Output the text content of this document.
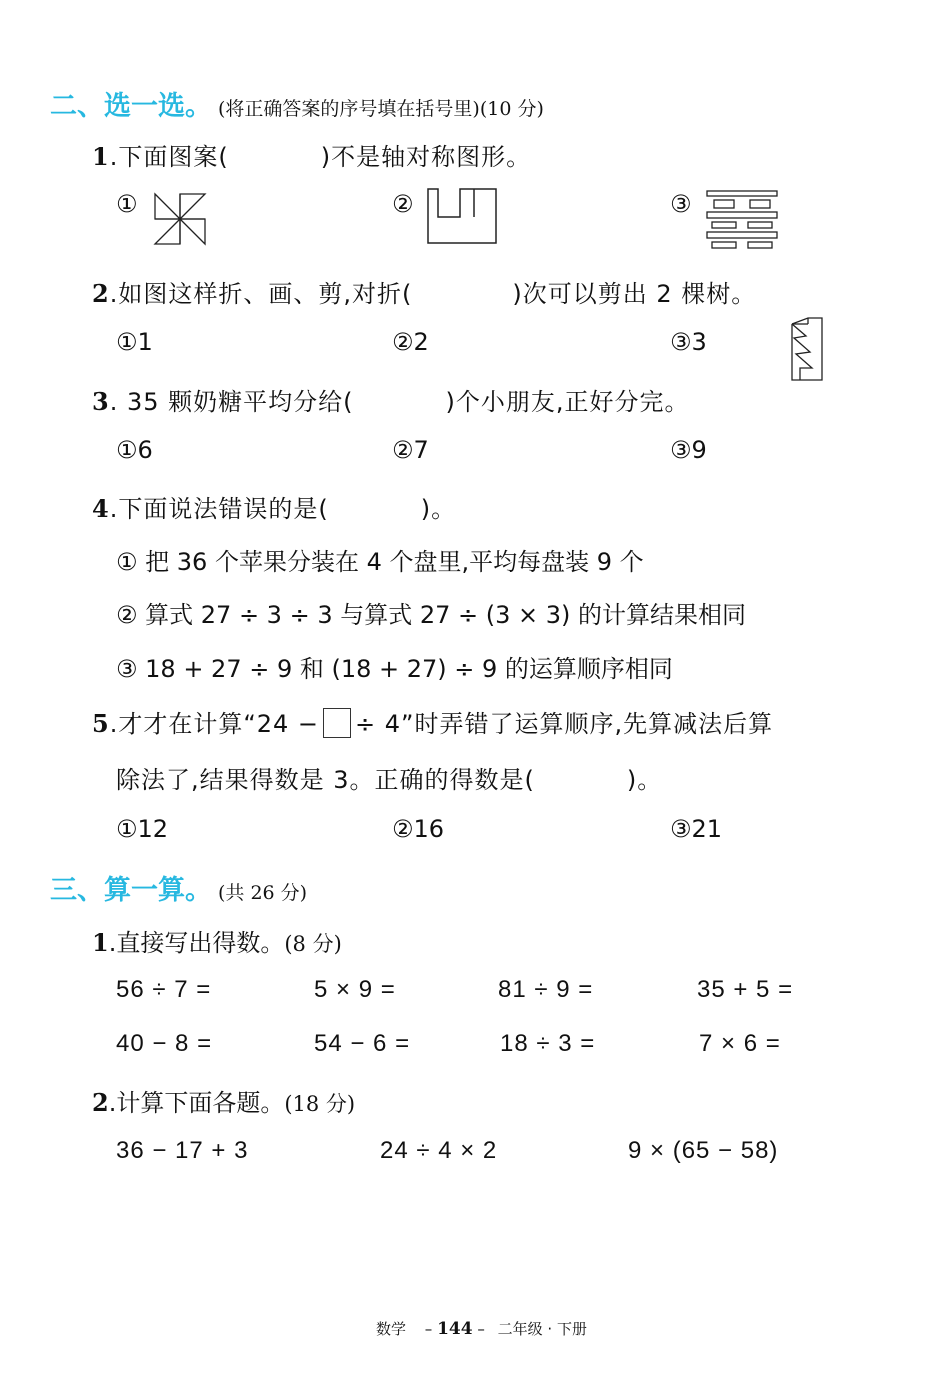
二、选一选。 (将正确答案的序号填在括号里)(10 分)
1.下面图案(	)不是轴对称图形。
①	②	③
2.如图这样折、画、剪,对折(	)次可以剪出 2 棵树。
①1	②2	③3
3. 35 颗奶糖平均分给(	)个小朋友,正好分完。
①6	②7	③9
4.下面说法错误的是(	)。
① 把 36 个苹果分装在 4 个盘里,平均每盘装 9 个
② 算式 27 ÷ 3 ÷ 3 与算式 27 ÷ (3 × 3) 的计算结果相同
③ 18 + 27 ÷ 9 和 (18 + 27) ÷ 9 的运算顺序相同
5.才才在计算“24 − ÷ 4”时弄错了运算顺序,先算减法后算
除法了,结果得数是 3。正确的得数是(	)。
①12	②16	③21
三、算一算。 (共 26 分)
1.直接写出得数。(8 分)
56 ÷ 7 =	5 × 9 =	81 ÷ 9 =	35 + 5 =
40 − 8 =	54 − 6 =	18 ÷ 3 =	7 × 6 =
2.计算下面各题。(18 分)
36 − 17 + 3	24 ÷ 4 × 2	9 × (65 − 58)
数学 – 144 – 二年级 · 下册
